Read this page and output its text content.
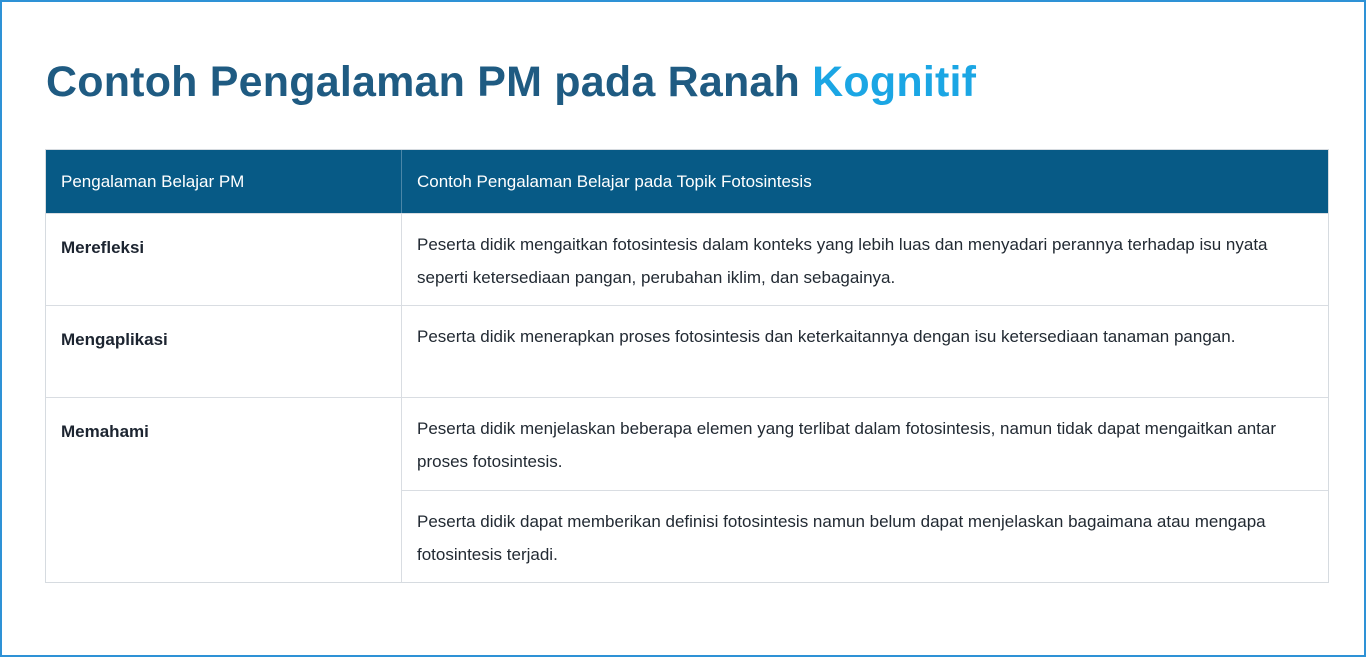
Contoh Pengalaman PM pada Ranah Kognitif
Pengalaman Belajar PM	Contoh Pengalaman Belajar pada Topik Fotosintesis
Merefleksi	Peserta didik mengaitkan fotosintesis dalam konteks yang lebih luas dan menyadari perannya terhadap isu nyata seperti ketersediaan pangan, perubahan iklim, dan sebagainya.
Mengaplikasi	Peserta didik menerapkan proses fotosintesis dan keterkaitannya dengan isu ketersediaan tanaman pangan.
Memahami	Peserta didik menjelaskan beberapa elemen yang terlibat dalam fotosintesis, namun tidak dapat mengaitkan antar proses fotosintesis.
Peserta didik dapat memberikan definisi fotosintesis namun belum dapat menjelaskan bagaimana atau mengapa fotosintesis terjadi.
